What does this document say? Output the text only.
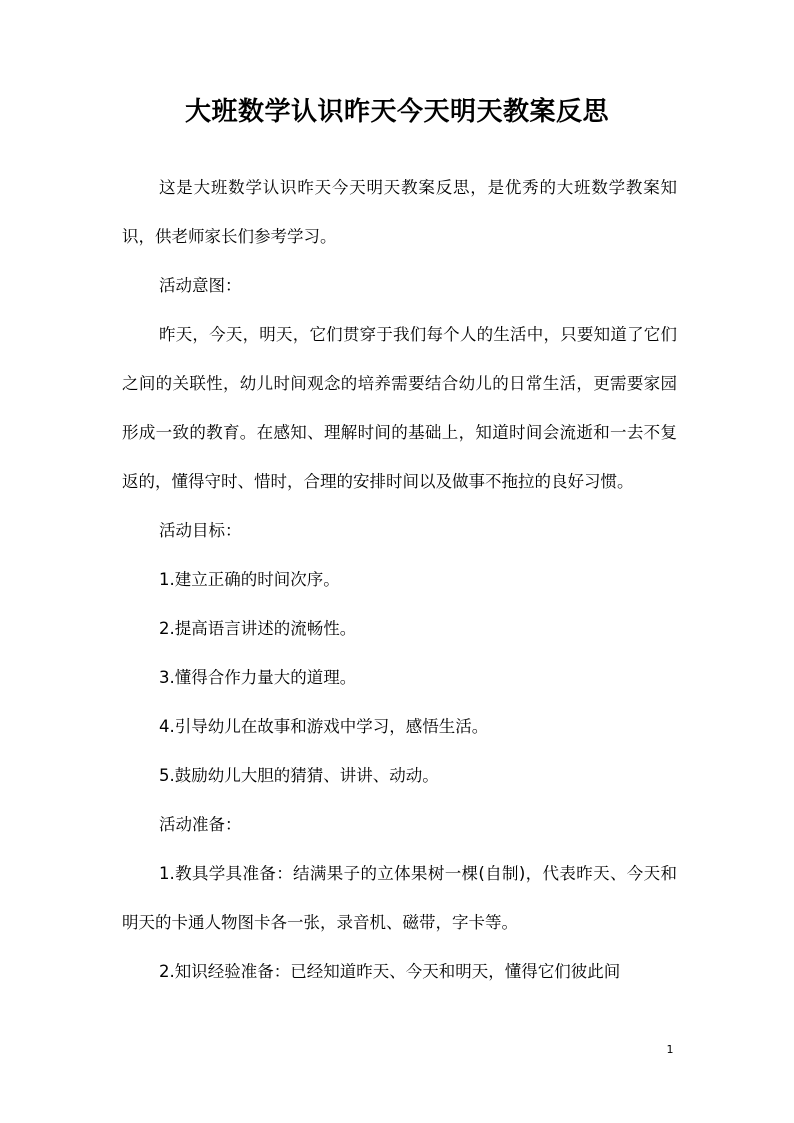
大班数学认识昨天今天明天教案反思

这是大班数学认识昨天今天明天教案反思，是优秀的大班数学教案知识，供老师家长们参考学习。

活动意图：

昨天，今天，明天，它们贯穿于我们每个人的生活中，只要知道了它们之间的关联性，幼儿时间观念的培养需要结合幼儿的日常生活，更需要家园形成一致的教育。在感知、理解时间的基础上，知道时间会流逝和一去不复返的，懂得守时、惜时，合理的安排时间以及做事不拖拉的良好习惯。

活动目标：

1.建立正确的时间次序。

2.提高语言讲述的流畅性。

3.懂得合作力量大的道理。

4.引导幼儿在故事和游戏中学习，感悟生活。

5.鼓励幼儿大胆的猜猜、讲讲、动动。

活动准备：

1.教具学具准备：结满果子的立体果树一棵(自制)，代表昨天、今天和明天的卡通人物图卡各一张，录音机、磁带，字卡等。

2.知识经验准备：已经知道昨天、今天和明天，懂得它们彼此间

1
